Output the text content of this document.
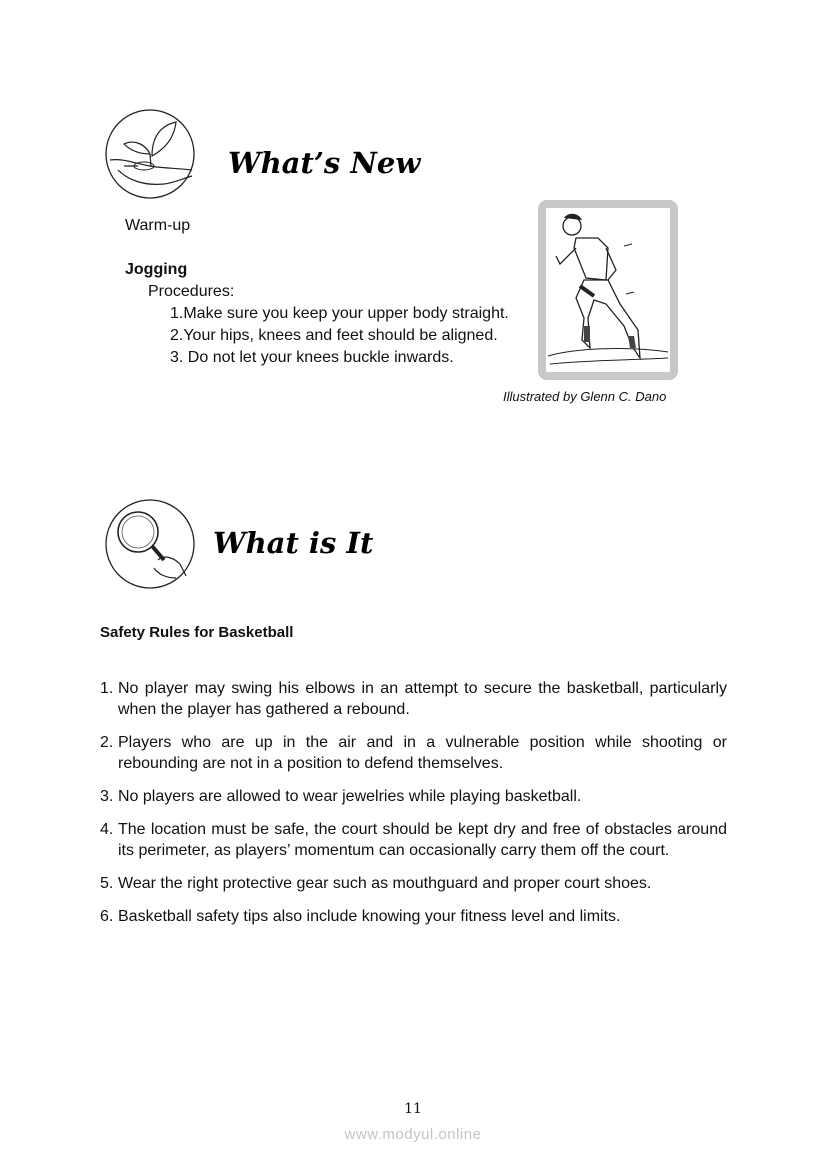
What’s New
Warm-up
Jogging
Procedures:
1.Make sure you keep your upper body straight.
2.Your hips, knees and feet should be aligned.
3. Do not let your knees buckle inwards.
Illustrated by Glenn C. Dano
What is It
Safety Rules for Basketball
1. No player may swing his elbows in an attempt to secure the basketball, particularly when the player has gathered a rebound.
2. Players who are up in the air and in a vulnerable position while shooting or rebounding are not in a position to defend themselves.
3. No players are allowed to wear jewelries while playing basketball.
4. The location must be safe, the court should be kept dry and free of obstacles around its perimeter, as players’ momentum can occasionally carry them off the court.
5. Wear the right protective gear such as mouthguard and proper court shoes.
6. Basketball safety tips also include knowing your fitness level and limits.
11
www.modyul.online
